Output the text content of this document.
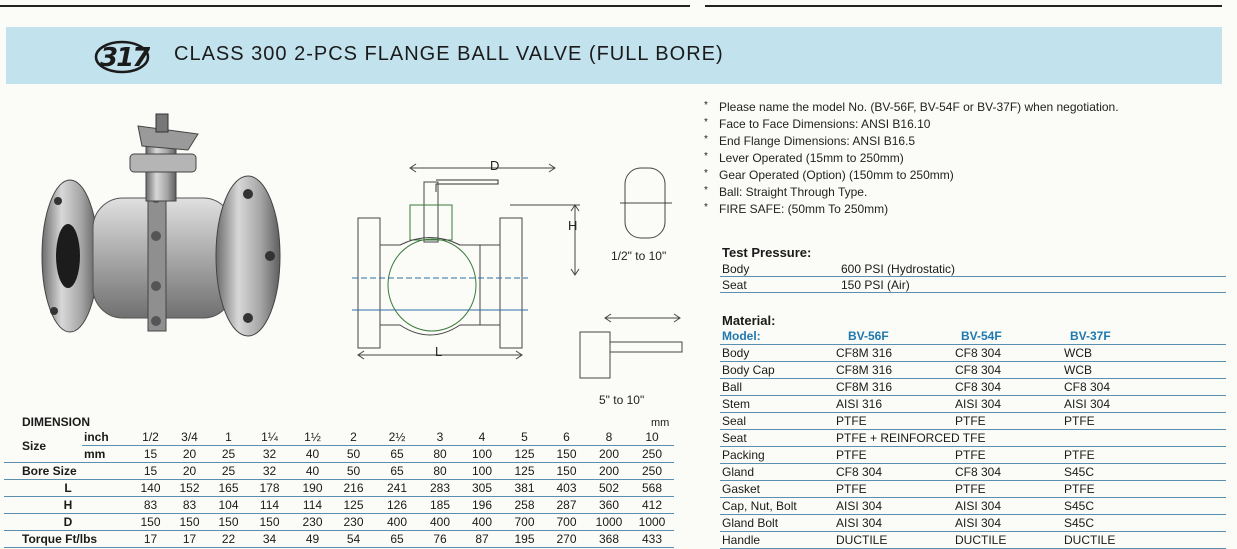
317 CLASS 300 2-PCS FLANGE BALL VALVE (FULL BORE)
D
H
L
1/2" to 10"
5" to 10"
* Please name the model No. (BV-56F, BV-54F or BV-37F) when negotiation.
* Face to Face Dimensions: ANSI B16.10
* End Flange Dimensions: ANSI B16.5
* Lever Operated (15mm to 250mm)
* Gear Operated (Option) (150mm to 250mm)
* Ball: Straight Through Type.
* FIRE SAFE: (50mm To 250mm)
Test Pressure:
Body	600 PSI (Hydrostatic)
Seat	150 PSI (Air)
Material:
Model:	BV-56F	BV-54F	BV-37F
Body	CF8M 316	CF8 304	WCB
Body Cap	CF8M 316	CF8 304	WCB
Ball	CF8M 316	CF8 304	CF8 304
Stem	AISI 316	AISI 304	AISI 304
Seal	PTFE	PTFE	PTFE
Seat	PTFE + REINFORCED TFE		
Packing	PTFE	PTFE	PTFE
Gland	CF8 304	CF8 304	S45C
Gasket	PTFE	PTFE	PTFE
Cap, Nut, Bolt	AISI 304	AISI 304	S45C
Gland Bolt	AISI 304	AISI 304	S45C
Handle	DUCTILE	DUCTILE	DUCTILE
DIMENSION	mm
Size	inch	1/2	3/4	1	1¼	1½	2	2½	3	4	5	6	8	10
	mm	15	20	25	32	40	50	65	80	100	125	150	200	250
Bore Size		15	20	25	32	40	50	65	80	100	125	150	200	250
L		140	152	165	178	190	216	241	283	305	381	403	502	568
H		83	83	104	114	114	125	126	185	196	258	287	360	412
D		150	150	150	150	230	230	400	400	400	700	700	1000	1000
Torque Ft/lbs		17	17	22	34	49	54	65	76	87	195	270	368	433
